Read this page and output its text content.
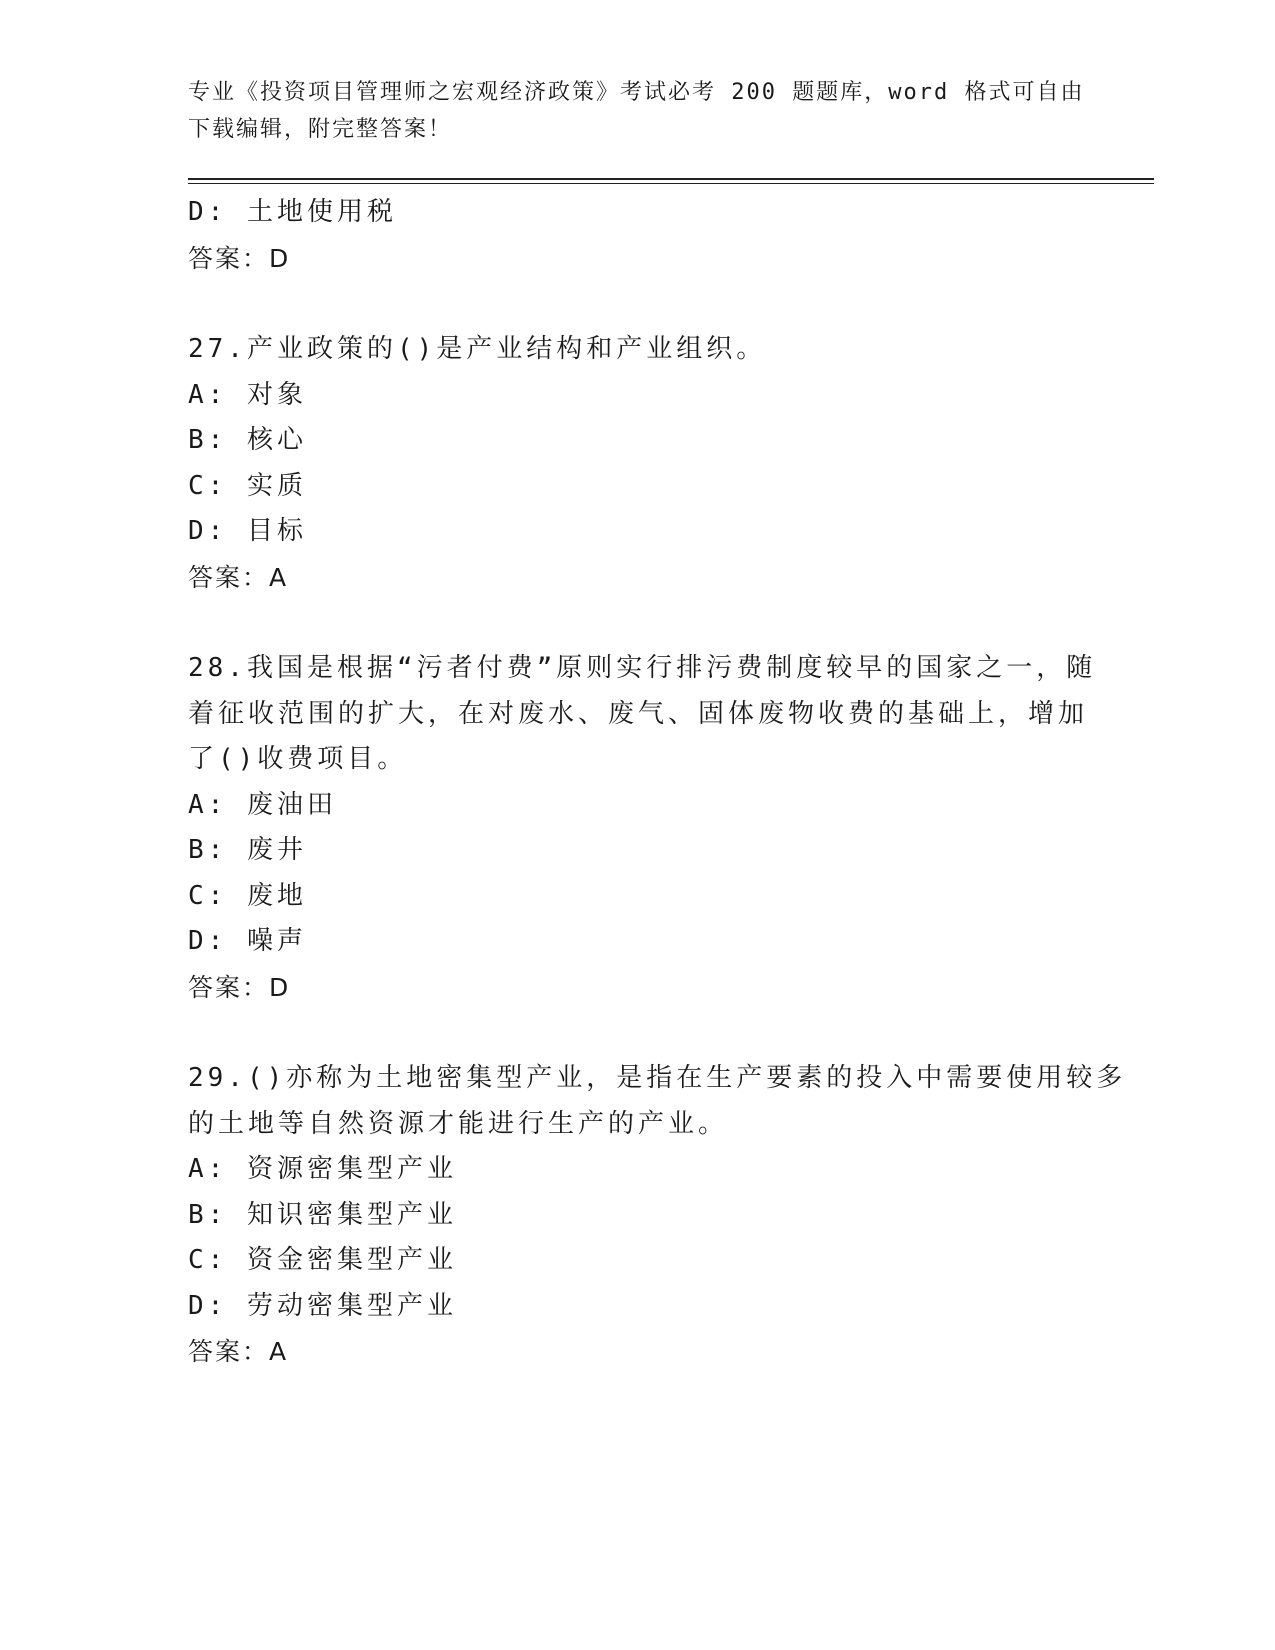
专业《投资项目管理师之宏观经济政策》考试必考 200 题题库，word 格式可自由
下载编辑，附完整答案！
D: 土地使用税
答案：D
27.产业政策的()是产业结构和产业组织。
A: 对象
B: 核心
C: 实质
D: 目标
答案：A
28.我国是根据“污者付费”原则实行排污费制度较早的国家之一，随
着征收范围的扩大，在对废水、废气、固体废物收费的基础上，增加
了()收费项目。
A: 废油田
B: 废井
C: 废地
D: 噪声
答案：D
29.()亦称为土地密集型产业，是指在生产要素的投入中需要使用较多
的土地等自然资源才能进行生产的产业。
A: 资源密集型产业
B: 知识密集型产业
C: 资金密集型产业
D: 劳动密集型产业
答案：A
